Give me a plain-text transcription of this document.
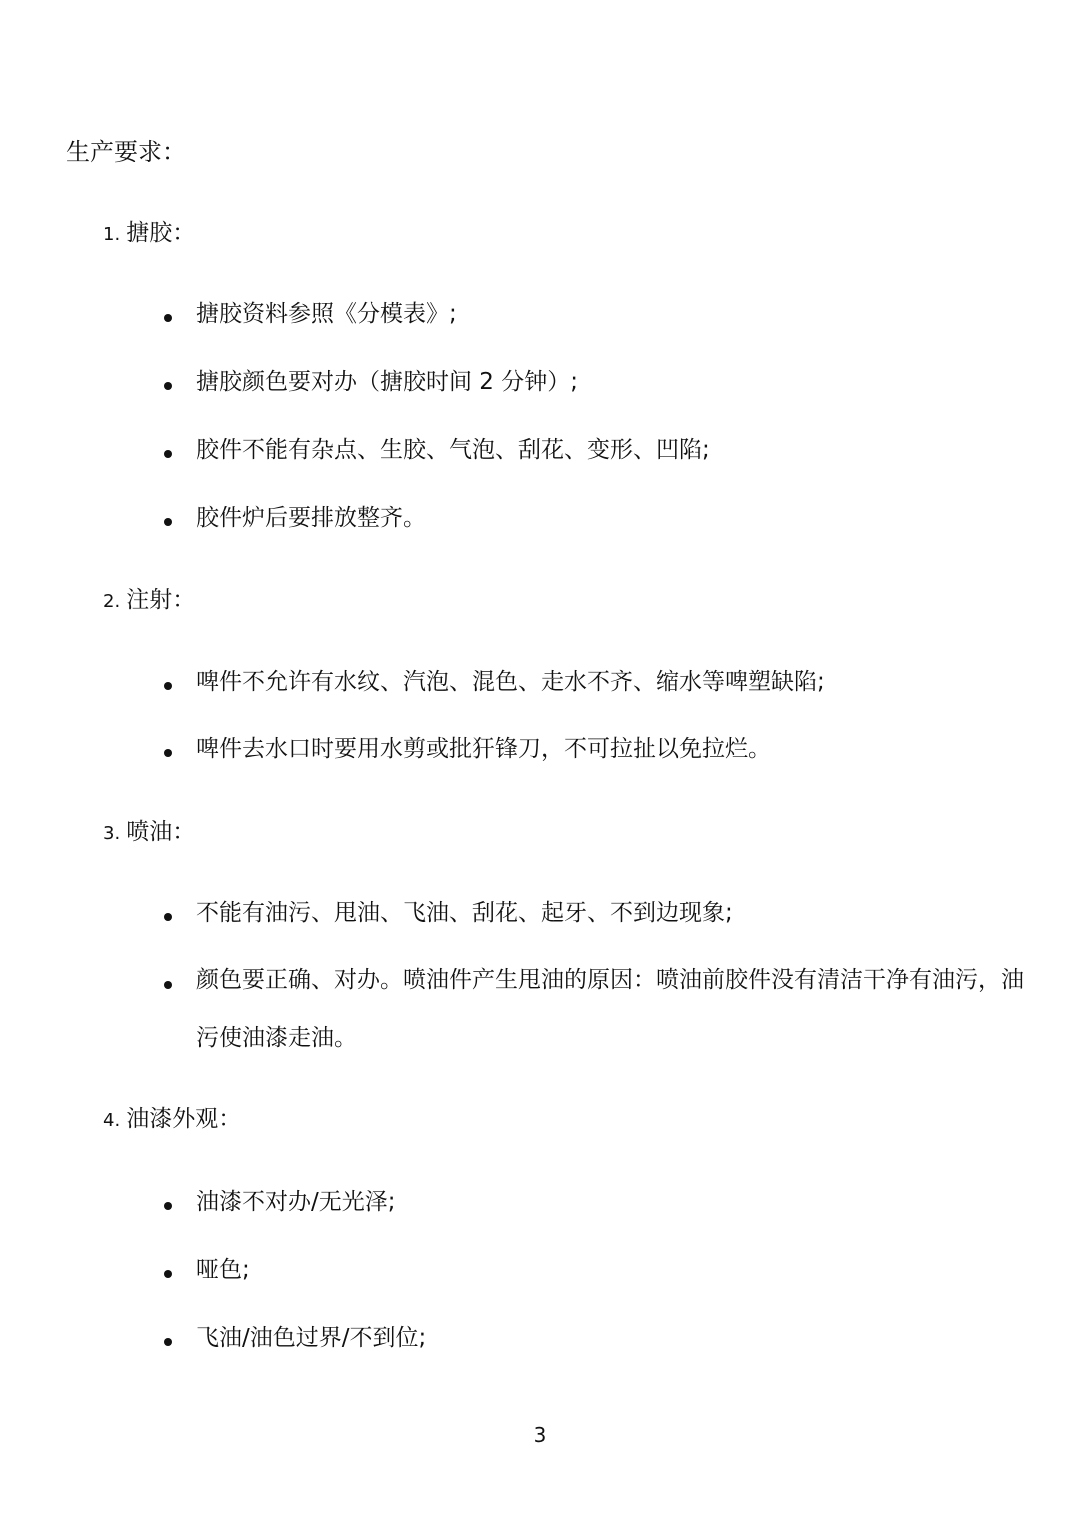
生产要求：
1. 搪胶：
搪胶资料参照《分模表》;
搪胶颜色要对办（搪胶时间 2 分钟）;
胶件不能有杂点、生胶、气泡、刮花、变形、凹陷;
胶件炉后要排放整齐。
2. 注射：
啤件不允许有水纹、汽泡、混色、走水不齐、缩水等啤塑缺陷;
啤件去水口时要用水剪或批犴锋刀，不可拉扯以免拉烂。
3. 喷油：
不能有油污、甩油、飞油、刮花、起牙、不到边现象;
颜色要正确、对办。喷油件产生甩油的原因：喷油前胶件没有清洁干净有油污，油污使油漆走油。
4. 油漆外观：
油漆不对办/无光泽;
哑色;
飞油/油色过界/不到位;
3
